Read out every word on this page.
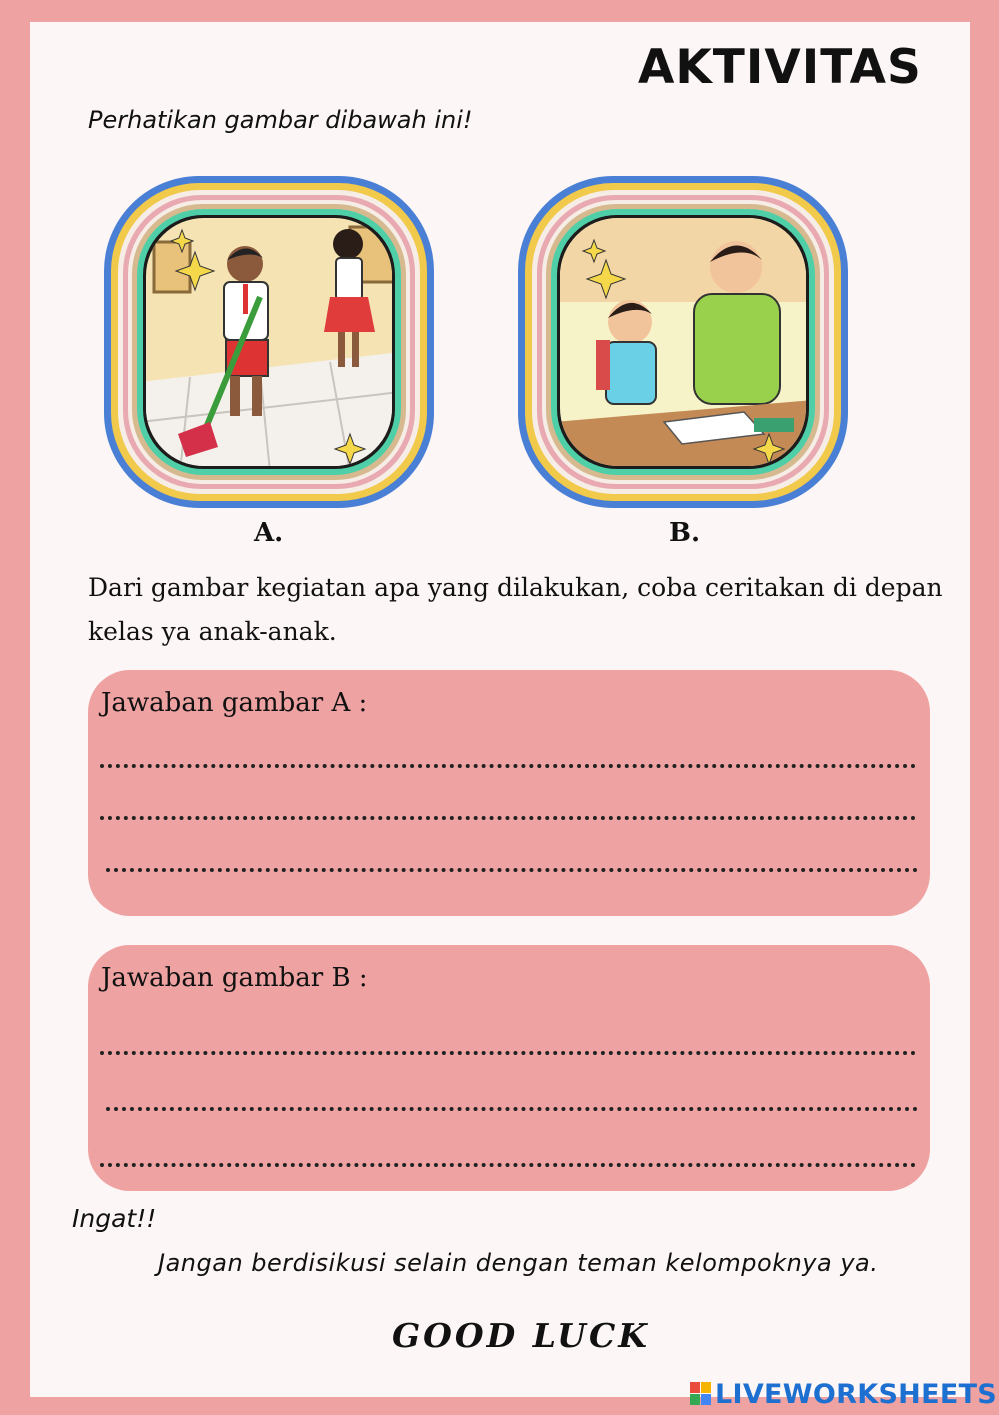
AKTIVITAS
Perhatikan gambar dibawah ini!
A.	B.
Dari gambar kegiatan apa yang dilakukan, coba ceritakan di depan kelas ya anak-anak.
Jawaban gambar A :
Jawaban gambar B :
Ingat!!
Jangan berdisikusi selain dengan teman kelompoknya ya.
GOOD LUCK
LIVEWORKSHEETS
